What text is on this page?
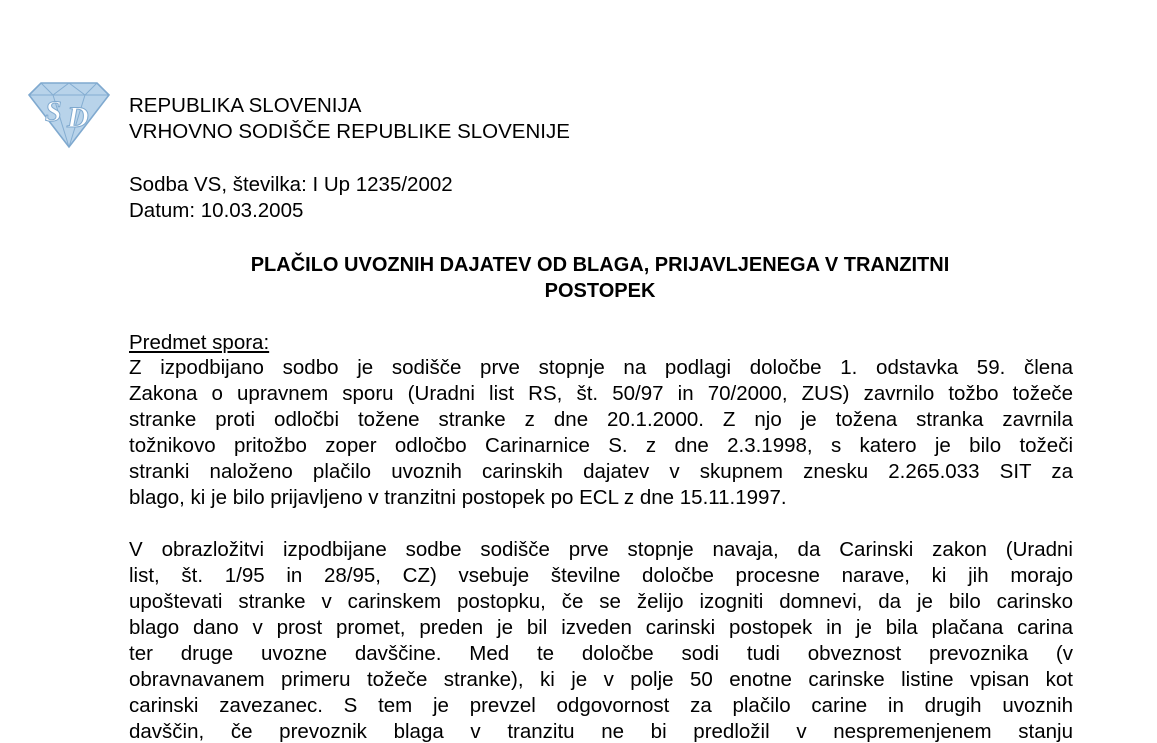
S D REPUBLIKA SLOVENIJA
VRHOVNO SODIŠČE REPUBLIKE SLOVENIJE
Sodba VS, številka: I Up 1235/2002
Datum: 10.03.2005
PLAČILO UVOZNIH DAJATEV OD BLAGA, PRIJAVLJENEGA V TRANZITNI
POSTOPEK
Predmet spora:
Z izpodbijano sodbo je sodišče prve stopnje na podlagi določbe 1. odstavka 59. člena
Zakona o upravnem sporu (Uradni list RS, št. 50/97 in 70/2000, ZUS) zavrnilo tožbo tožeče
stranke proti odločbi tožene stranke z dne 20.1.2000. Z njo je tožena stranka zavrnila
tožnikovo pritožbo zoper odločbo Carinarnice S. z dne 2.3.1998, s katero je bilo tožeči
stranki naloženo plačilo uvoznih carinskih dajatev v skupnem znesku 2.265.033 SIT za
blago, ki je bilo prijavljeno v tranzitni postopek po ECL z dne 15.11.1997.
V obrazložitvi izpodbijane sodbe sodišče prve stopnje navaja, da Carinski zakon (Uradni
list, št. 1/95 in 28/95, CZ) vsebuje številne določbe procesne narave, ki jih morajo
upoštevati stranke v carinskem postopku, če se želijo izogniti domnevi, da je bilo carinsko
blago dano v prost promet, preden je bil izveden carinski postopek in je bila plačana carina
ter druge uvozne davščine. Med te določbe sodi tudi obveznost prevoznika (v
obravnavanem primeru tožeče stranke), ki je v polje 50 enotne carinske listine vpisan kot
carinski zavezanec. S tem je prevzel odgovornost za plačilo carine in drugih uvoznih
davščin, če prevoznik blaga v tranzitu ne bi predložil v nespremenjenem stanju
